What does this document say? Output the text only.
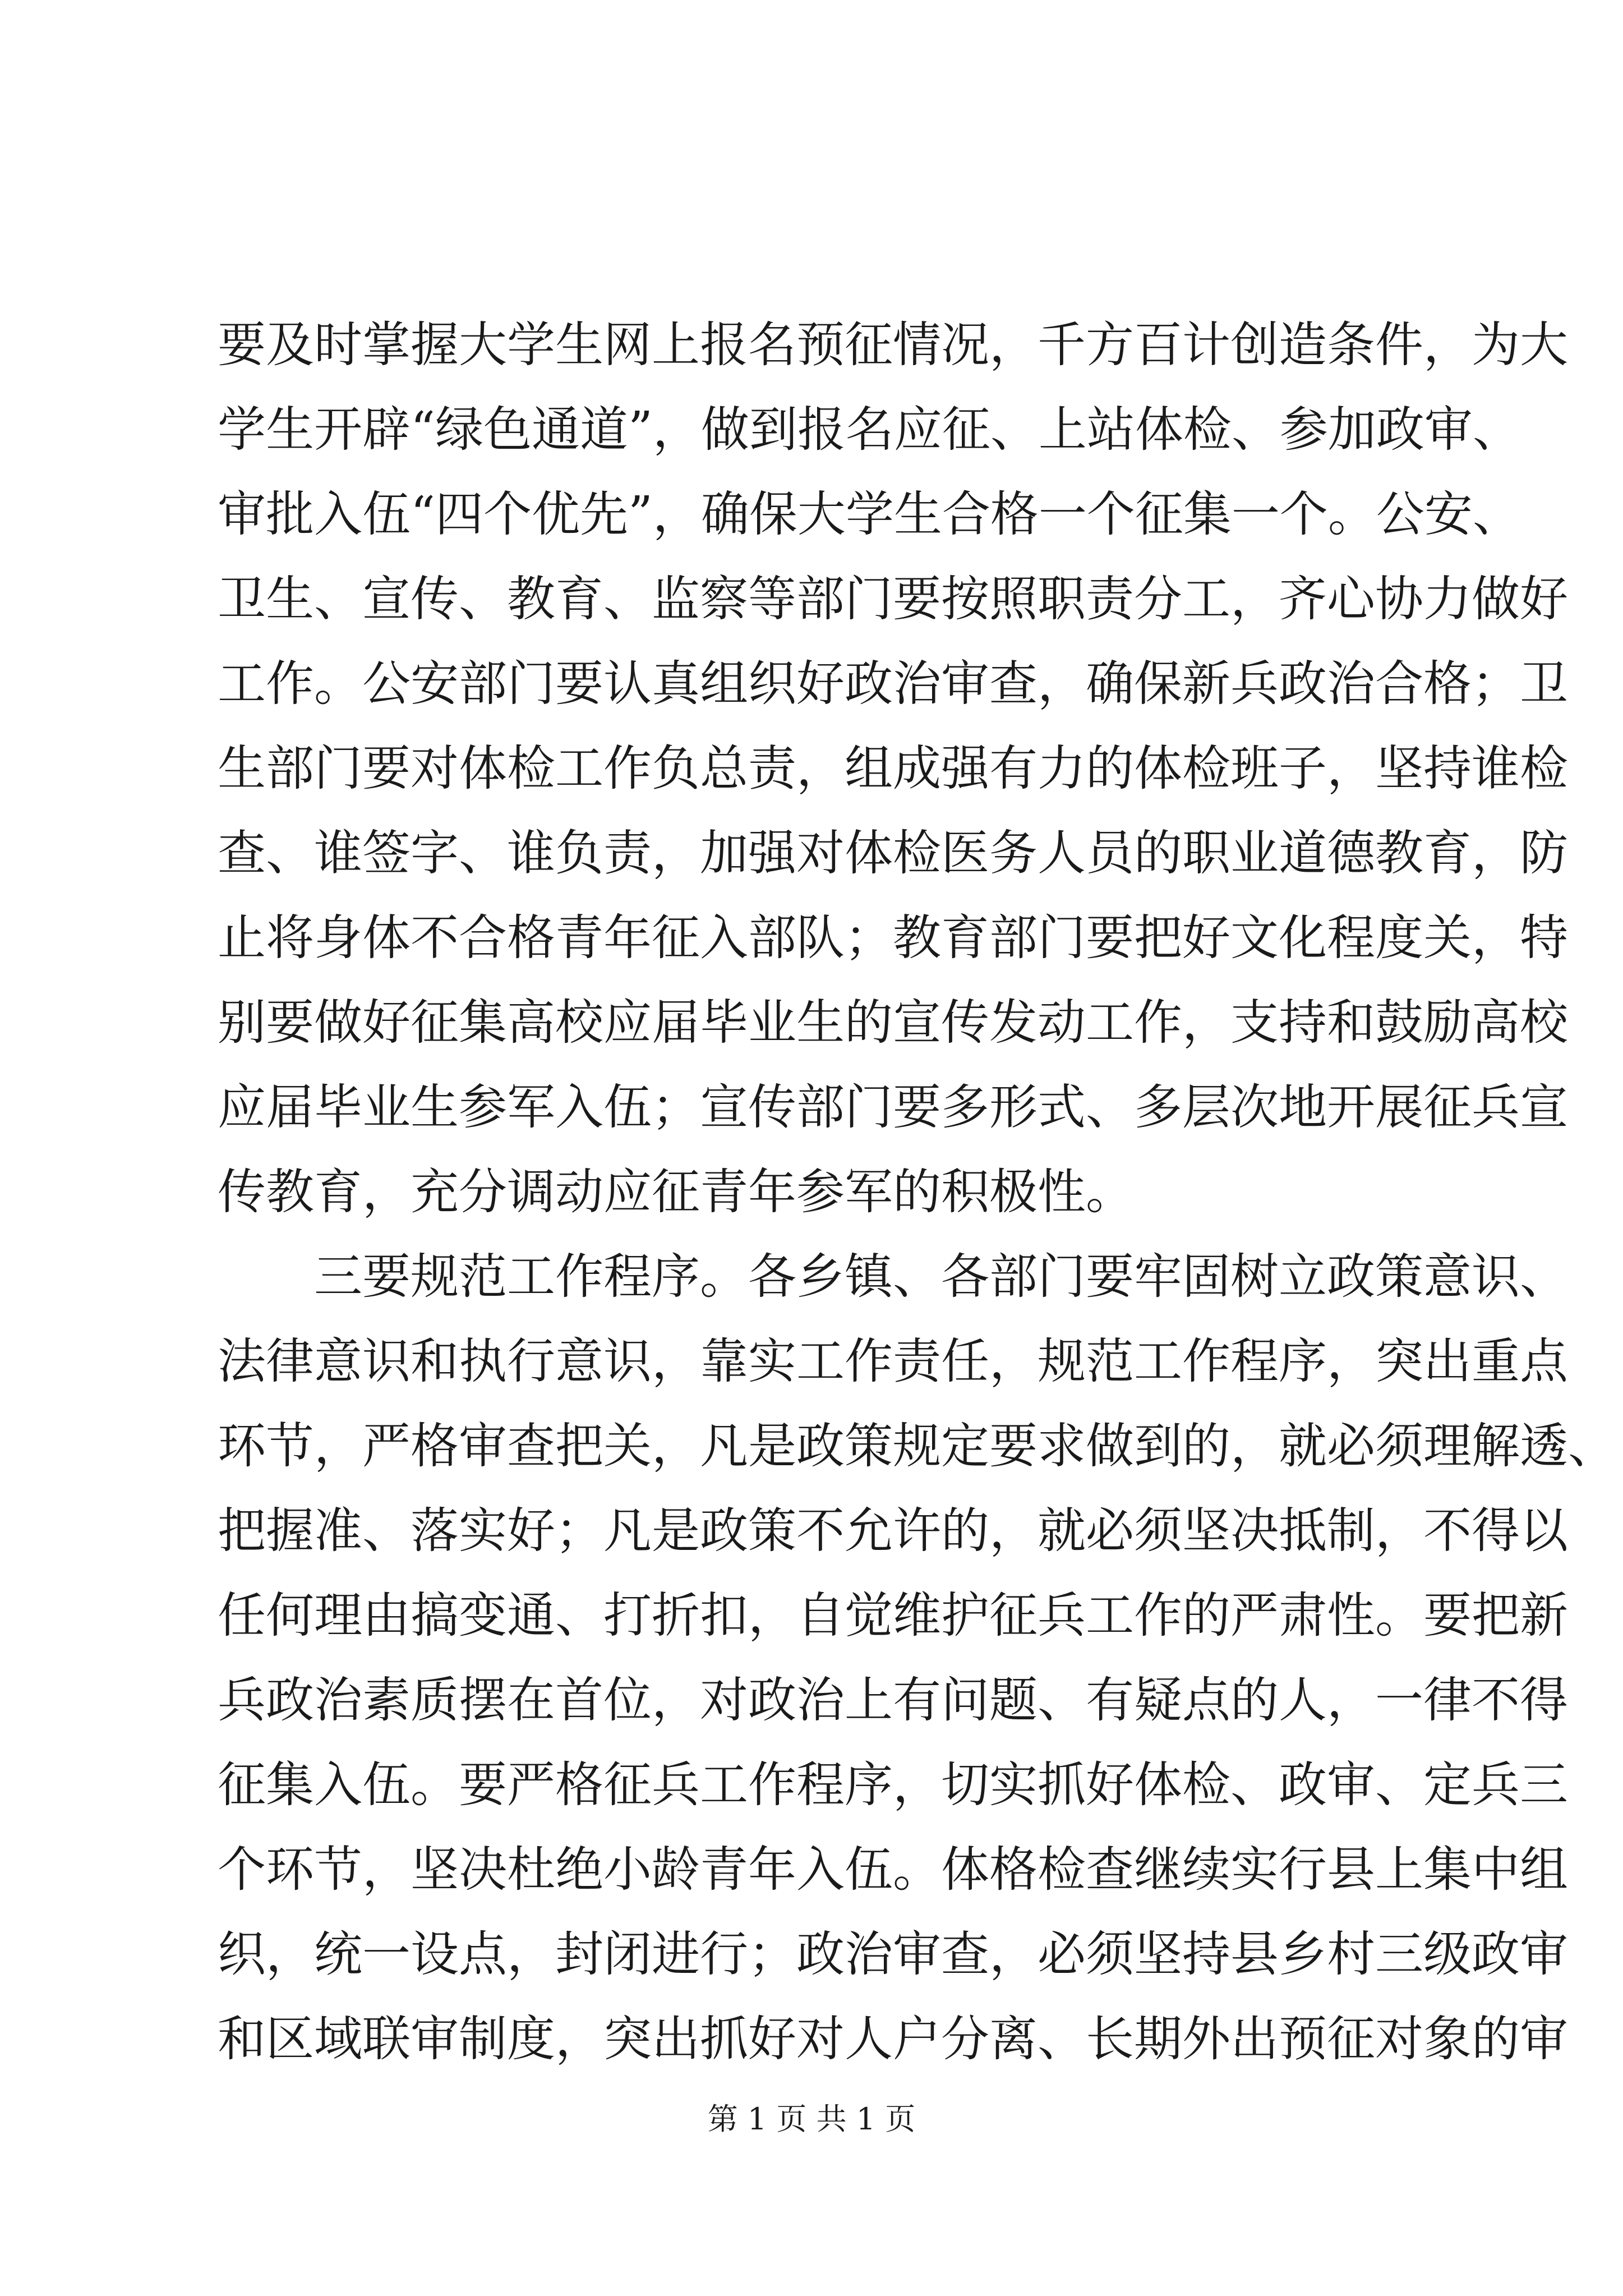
要及时掌握大学生网上报名预征情况，千方百计创造条件，为大
学生开辟“绿色通道”，做到报名应征、上站体检、参加政审、
审批入伍“四个优先”，确保大学生合格一个征集一个。公安、
卫生、宣传、教育、监察等部门要按照职责分工，齐心协力做好
工作。公安部门要认真组织好政治审查，确保新兵政治合格；卫
生部门要对体检工作负总责，组成强有力的体检班子，坚持谁检
查、谁签字、谁负责，加强对体检医务人员的职业道德教育，防
止将身体不合格青年征入部队；教育部门要把好文化程度关，特
别要做好征集高校应届毕业生的宣传发动工作，支持和鼓励高校
应届毕业生参军入伍；宣传部门要多形式、多层次地开展征兵宣
传教育，充分调动应征青年参军的积极性。
　　三要规范工作程序。各乡镇、各部门要牢固树立政策意识、
法律意识和执行意识，靠实工作责任，规范工作程序，突出重点
环节，严格审查把关，凡是政策规定要求做到的，就必须理解透、
把握准、落实好；凡是政策不允许的，就必须坚决抵制，不得以
任何理由搞变通、打折扣，自觉维护征兵工作的严肃性。要把新
兵政治素质摆在首位，对政治上有问题、有疑点的人，一律不得
征集入伍。要严格征兵工作程序，切实抓好体检、政审、定兵三
个环节，坚决杜绝小龄青年入伍。体格检查继续实行县上集中组
织，统一设点，封闭进行；政治审查，必须坚持县乡村三级政审
和区域联审制度，突出抓好对人户分离、长期外出预征对象的审
第 1 页 共 1 页
